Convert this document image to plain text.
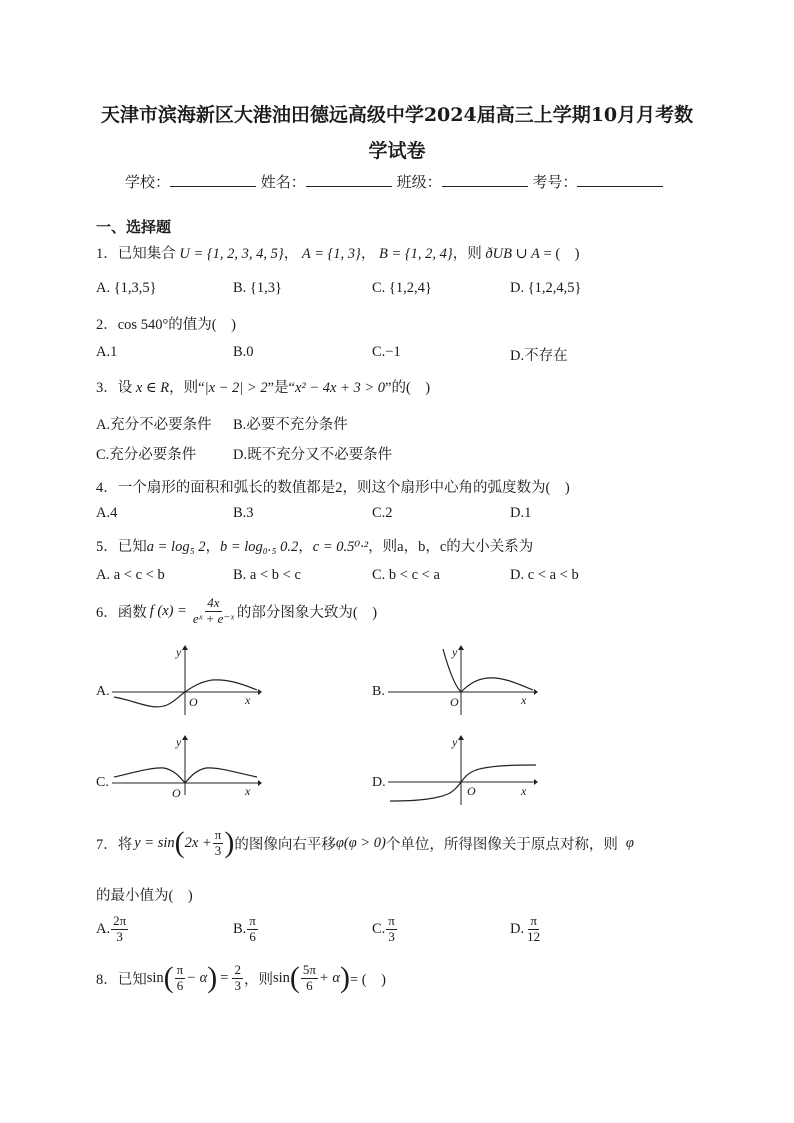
天津市滨海新区大港油田德远高级中学2024届高三上学期10月月考数
学试卷
学校：	姓名：	班级：	考号：
一、选择题
1．已知集合 U = {1, 2, 3, 4, 5}， A = {1, 3}， B = {1, 2, 4}，则 ðUB ∪ A = (　)
A. {1,3,5}	B. {1,3}	C. {1,2,4}	D. {1,2,4,5}
2．cos 540°的值为(　)
A.1	B.0	C.−1	D.不存在
3．设 x ∈ R，则“|x − 2| > 2”是“x² − 4x + 3 > 0”的(　)
A.充分不必要条件 B.必要不充分条件
C.充分必要条件	D.既不充分又不必要条件
4．一个扇形的面积和弧长的数值都是2，则这个扇形中心角的弧度数为(　)
A.4	B.3	C.2	D.1
5．已知a = log₅ 2，b = log₀.₅ 0.2，c = 0.5⁰·²，则a，b，c的大小关系为
A. a < c < b	B. a < b < c	C. b < c < a	D. c < a < b
6． 函数 f $(x) = \frac{4x}{\text{eˣ + e⁻ˣ}}$ 的部分图象大致为(　)
A.
y
O	x
B.
y
O	x
C.
y
O	x
D.
y
O	x
7． 将 y = sin ( $2x + \frac{\pi}{3}$ ) 的图像向右平移 φ(φ > 0) 个单位，所得图像关于原点对称，则 φ
的最小值为(　)
A. $\frac{2\pi}{3}$	B. $\frac{\pi}{6}$	C. $\frac{\pi}{3}$	D. $\frac{\pi}{12}$
8． 已知 sin ( $\frac{\pi}{6} - \alpha$ ) = $\frac{2}{3}$ ，则 sin ( $\frac{5\pi}{6} + \alpha$ ) = (　)
